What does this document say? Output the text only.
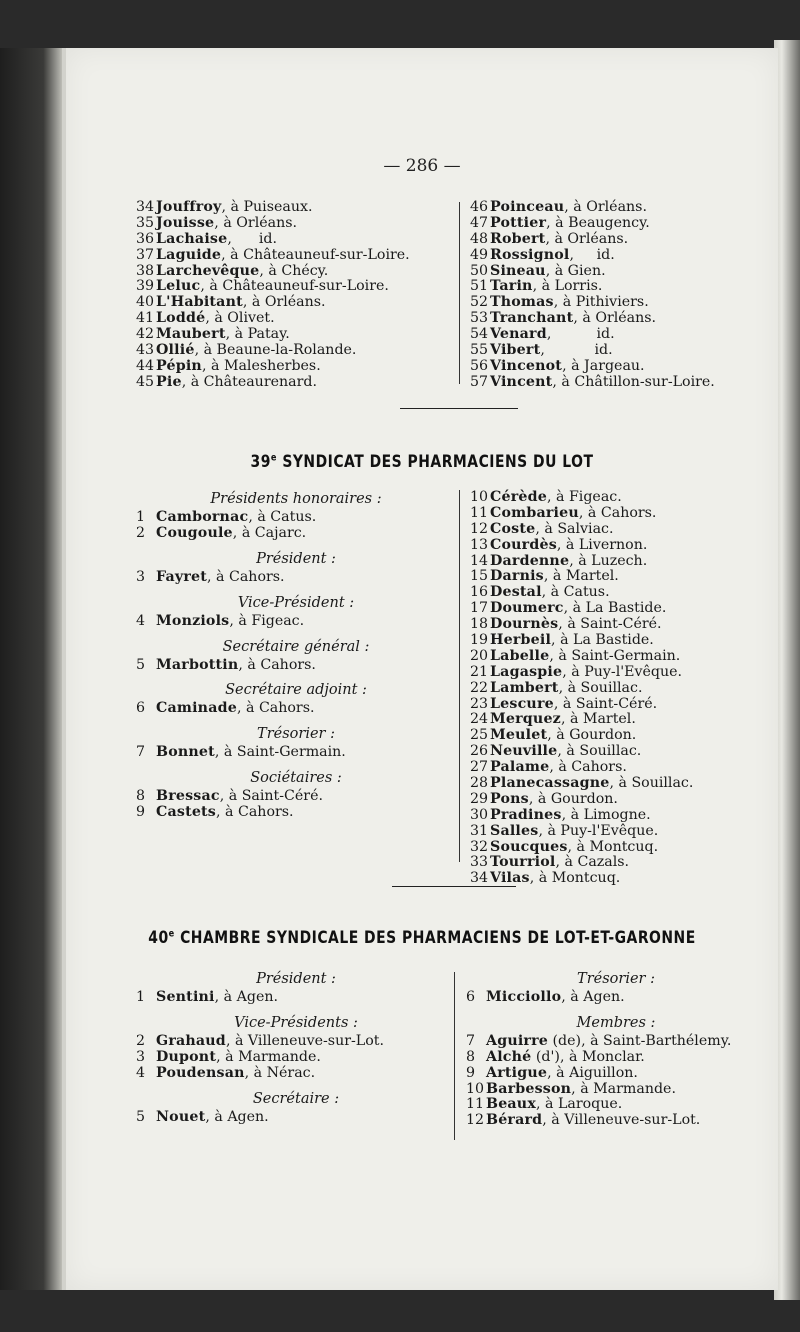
— 286 —
34 Jouffroy, à Puiseaux.
35 Jouisse, à Orléans.
36 Lachaise,      id.
37 Laguide, à Châteauneuf-sur-Loire.
38 Larchevêque, à Chécy.
39 Leluc, à Châteauneuf-sur-Loire.
40 L'Habitant, à Orléans.
41 Loddé, à Olivet.
42 Maubert, à Patay.
43 Ollié, à Beaune-la-Rolande.
44 Pépin, à Malesherbes.
45 Pie, à Châteaurenard.
46 Poinceau, à Orléans.
47 Pottier, à Beaugency.
48 Robert, à Orléans.
49 Rossignol,     id.
50 Sineau, à Gien.
51 Tarin, à Lorris.
52 Thomas, à Pithiviers.
53 Tranchant, à Orléans.
54 Venard,          id.
55 Vibert,           id.
56 Vincenot, à Jargeau.
57 Vincent, à Châtillon-sur-Loire.
39e SYNDICAT DES PHARMACIENS DU LOT
Présidents honoraires :
1 Cambornac, à Catus.
2 Cougoule, à Cajarc.
Président :
3 Fayret, à Cahors.
Vice-Président :
4 Monziols, à Figeac.
Secrétaire général :
5 Marbottin, à Cahors.
Secrétaire adjoint :
6 Caminade, à Cahors.
Trésorier :
7 Bonnet, à Saint-Germain.
Sociétaires :
8 Bressac, à Saint-Céré.
9 Castets, à Cahors.
10 Cérède, à Figeac.
11 Combarieu, à Cahors.
12 Coste, à Salviac.
13 Courdès, à Livernon.
14 Dardenne, à Luzech.
15 Darnis, à Martel.
16 Destal, à Catus.
17 Doumerc, à La Bastide.
18 Dournès, à Saint-Céré.
19 Herbeil, à La Bastide.
20 Labelle, à Saint-Germain.
21 Lagaspie, à Puy-l'Evêque.
22 Lambert, à Souillac.
23 Lescure, à Saint-Céré.
24 Merquez, à Martel.
25 Meulet, à Gourdon.
26 Neuville, à Souillac.
27 Palame, à Cahors.
28 Planecassagne, à Souillac.
29 Pons, à Gourdon.
30 Pradines, à Limogne.
31 Salles, à Puy-l'Evêque.
32 Soucques, à Montcuq.
33 Tourriol, à Cazals.
34 Vilas, à Montcuq.
40e CHAMBRE SYNDICALE DES PHARMACIENS DE LOT-ET-GARONNE
Président :
1 Sentini, à Agen.
Vice-Présidents :
2 Grahaud, à Villeneuve-sur-Lot.
3 Dupont, à Marmande.
4 Poudensan, à Nérac.
Secrétaire :
5 Nouet, à Agen.
Trésorier :
6 Micciollo, à Agen.
Membres :
7 Aguirre (de), à Saint-Barthélemy.
8 Alché (d'), à Monclar.
9 Artigue, à Aiguillon.
10 Barbesson, à Marmande.
11 Beaux, à Laroque.
12 Bérard, à Villeneuve-sur-Lot.
